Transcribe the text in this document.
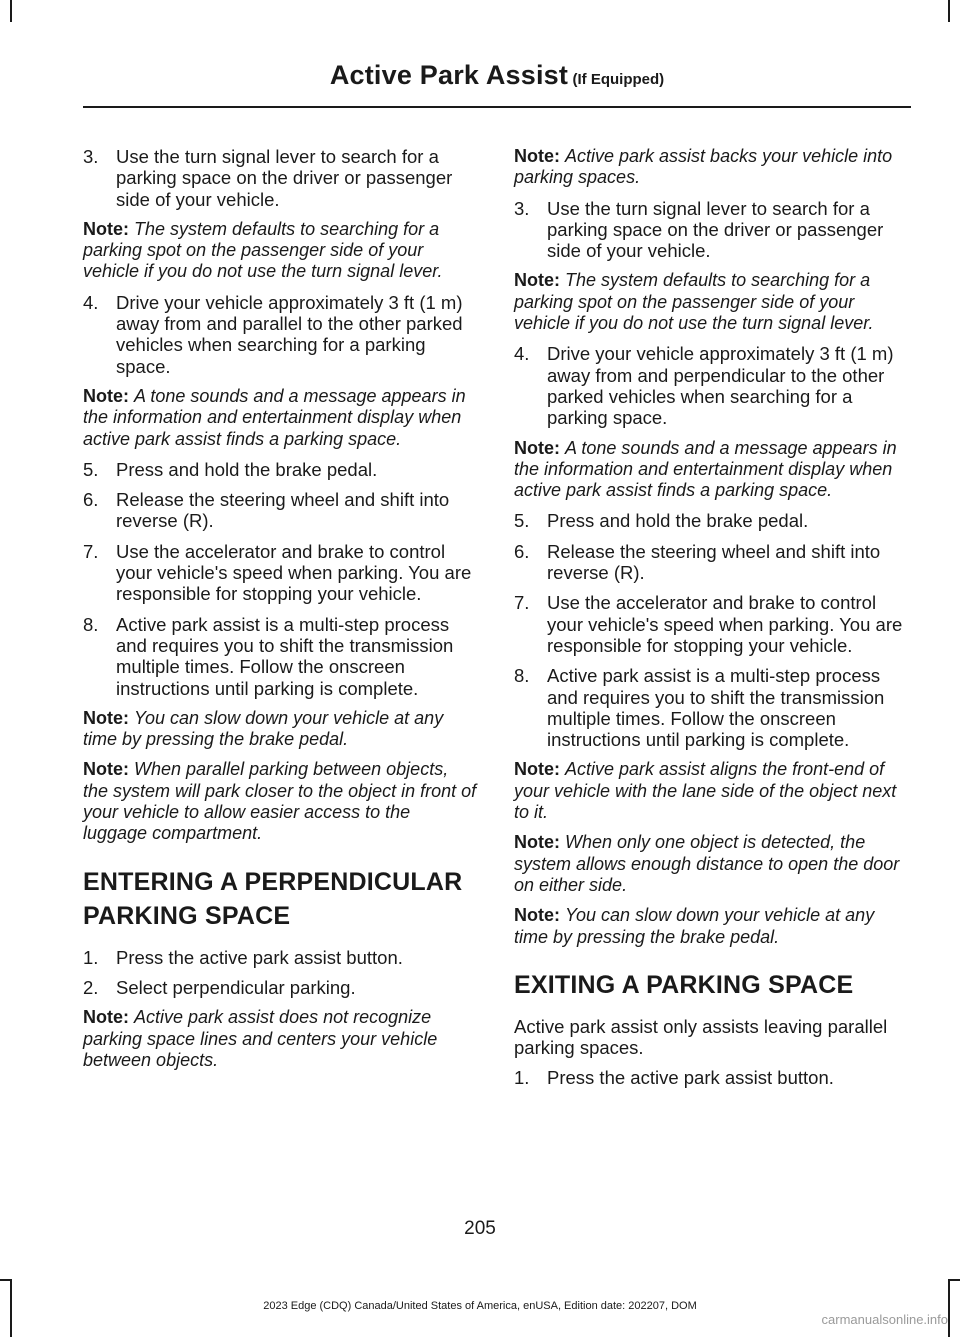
Active Park Assist (If Equipped)
3. Use the turn signal lever to search for a parking space on the driver or passenger side of your vehicle.
Note: The system defaults to searching for a parking spot on the passenger side of your vehicle if you do not use the turn signal lever.
4. Drive your vehicle approximately 3 ft (1 m) away from and parallel to the other parked vehicles when searching for a parking space.
Note: A tone sounds and a message appears in the information and entertainment display when active park assist finds a parking space.
5. Press and hold the brake pedal.
6. Release the steering wheel and shift into reverse (R).
7. Use the accelerator and brake to control your vehicle's speed when parking. You are responsible for stopping your vehicle.
8. Active park assist is a multi-step process and requires you to shift the transmission multiple times. Follow the onscreen instructions until parking is complete.
Note: You can slow down your vehicle at any time by pressing the brake pedal.
Note: When parallel parking between objects, the system will park closer to the object in front of your vehicle to allow easier access to the luggage compartment.
ENTERING A PERPENDICULAR PARKING SPACE
1. Press the active park assist button.
2. Select perpendicular parking.
Note: Active park assist does not recognize parking space lines and centers your vehicle between objects.
Note: Active park assist backs your vehicle into parking spaces.
3. Use the turn signal lever to search for a parking space on the driver or passenger side of your vehicle.
Note: The system defaults to searching for a parking spot on the passenger side of your vehicle if you do not use the turn signal lever.
4. Drive your vehicle approximately 3 ft (1 m) away from and perpendicular to the other parked vehicles when searching for a parking space.
Note: A tone sounds and a message appears in the information and entertainment display when active park assist finds a parking space.
5. Press and hold the brake pedal.
6. Release the steering wheel and shift into reverse (R).
7. Use the accelerator and brake to control your vehicle's speed when parking. You are responsible for stopping your vehicle.
8. Active park assist is a multi-step process and requires you to shift the transmission multiple times. Follow the onscreen instructions until parking is complete.
Note: Active park assist aligns the front-end of your vehicle with the lane side of the object next to it.
Note: When only one object is detected, the system allows enough distance to open the door on either side.
Note: You can slow down your vehicle at any time by pressing the brake pedal.
EXITING A PARKING SPACE
Active park assist only assists leaving parallel parking spaces.
1. Press the active park assist button.
205
2023 Edge (CDQ) Canada/United States of America, enUSA, Edition date: 202207, DOM
carmanualsonline.info
